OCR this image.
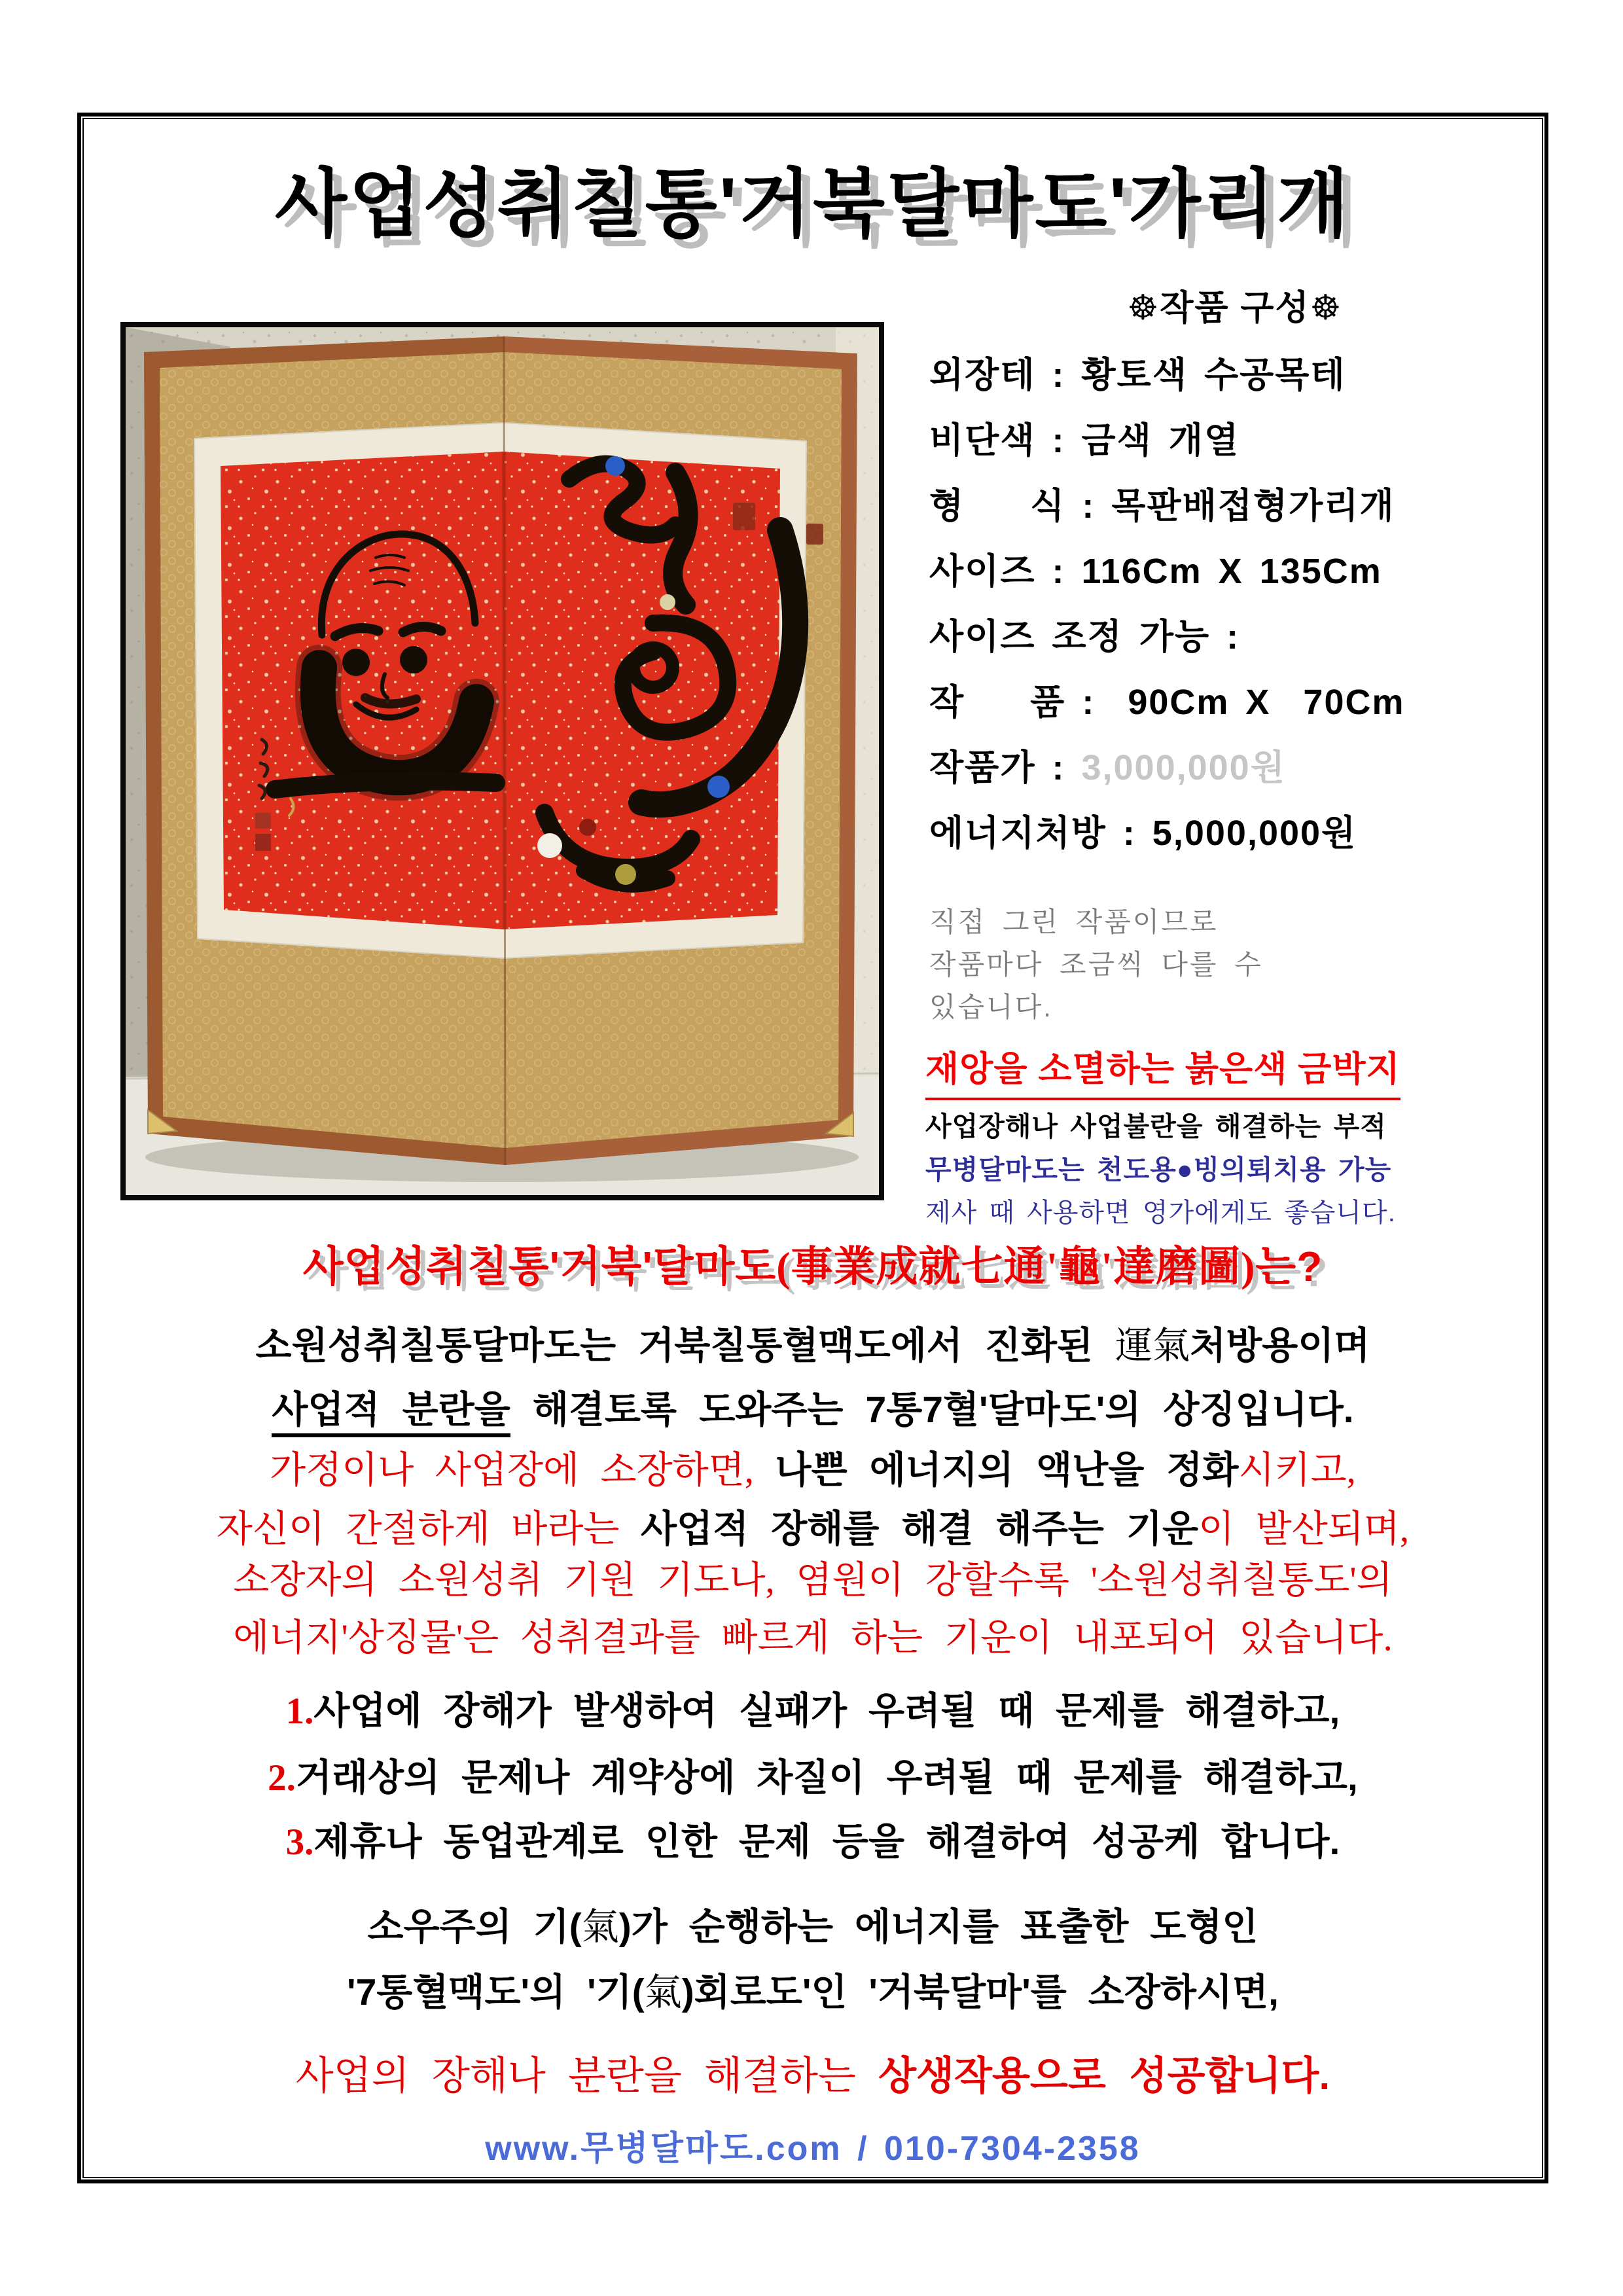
사업성취칠통'거북달마도'가리개
☸작품 구성☸
외장테 : 황토색 수공목테
비단색 : 금색 개열
형    식 : 목판배접형가리개
사이즈 : 116Cm X 135Cm
사이즈 조정 가능 :
작    품 :  90Cm X  70Cm
작품가 : 3,000,000원
에너지처방 : 5,000,000원
직접 그린 작품이므로
작품마다 조금씩 다를 수
있습니다.
재앙을 소멸하는 붉은색 금박지
사업장해나 사업불란을 해결하는 부적
무병달마도는 천도용●빙의퇴치용 가능
제사 때 사용하면 영가에게도 좋습니다.
사업성취칠통'거북'달마도(事業成就七通'龜'達磨圖)는?
소원성취칠통달마도는 거북칠통혈맥도에서 진화된 運氣처방용이며
사업적 분란을 해결토록 도와주는 7통7혈'달마도'의 상징입니다.
가정이나 사업장에 소장하면, 나쁜 에너지의 액난을 정화시키고,
자신이 간절하게 바라는 사업적 장해를 해결 해주는 기운이 발산되며,
소장자의 소원성취 기원 기도나, 염원이 강할수록 '소원성취칠통도'의
에너지'상징물'은 성취결과를 빠르게 하는 기운이 내포되어 있습니다.
1.사업에 장해가 발생하여 실패가 우려될 때 문제를 해결하고,
2.거래상의 문제나 계약상에 차질이 우려될 때 문제를 해결하고,
3.제휴나 동업관계로 인한 문제 등을 해결하여 성공케 합니다.
소우주의 기(氣)가 순행하는 에너지를 표출한 도형인
'7통혈맥도'의 '기(氣)회로도'인 '거북달마'를 소장하시면,
사업의 장해나 분란을 해결하는 상생작용으로 성공합니다.
www.무병달마도.com / 010-7304-2358
